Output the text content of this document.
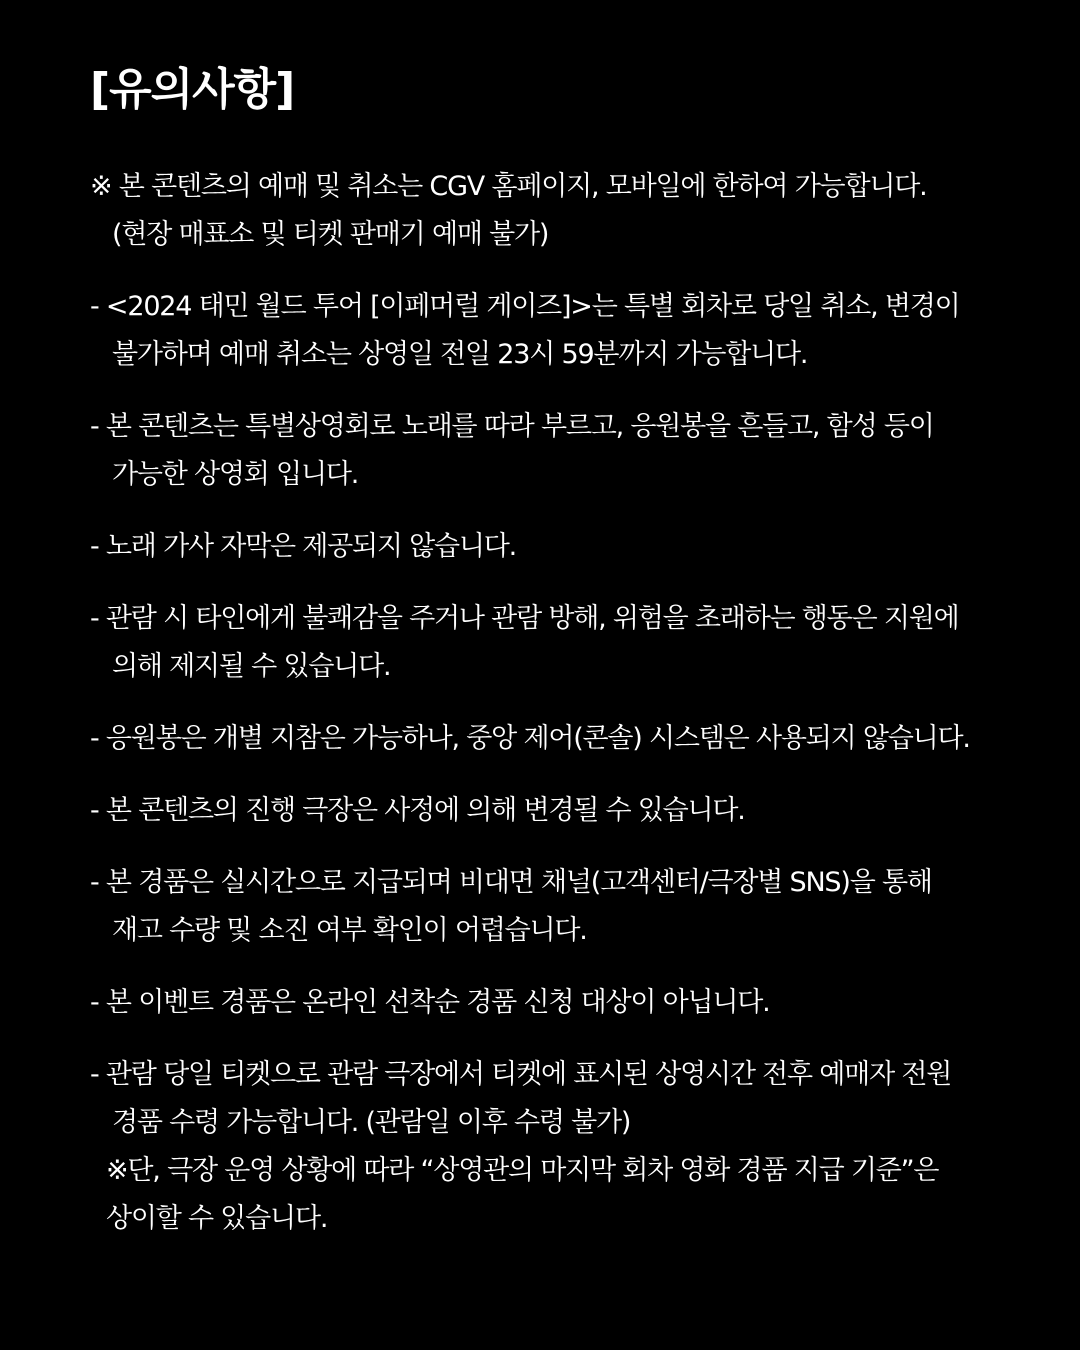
[유의사항]
※ 본 콘텐츠의 예매 및 취소는 CGV 홈페이지, 모바일에 한하여 가능합니다.
(현장 매표소 및 티켓 판매기 예매 불가)
- <2024 태민 월드 투어 [이페머럴 게이즈]>는 특별 회차로 당일 취소, 변경이
불가하며 예매 취소는 상영일 전일 23시 59분까지 가능합니다.
- 본 콘텐츠는 특별상영회로 노래를 따라 부르고, 응원봉을 흔들고, 함성 등이
가능한 상영회 입니다.
- 노래 가사 자막은 제공되지 않습니다.
- 관람 시 타인에게 불쾌감을 주거나 관람 방해, 위험을 초래하는 행동은 지원에
의해 제지될 수 있습니다.
- 응원봉은 개별 지참은 가능하나, 중앙 제어(콘솔) 시스템은 사용되지 않습니다.
- 본 콘텐츠의 진행 극장은 사정에 의해 변경될 수 있습니다.
- 본 경품은 실시간으로 지급되며 비대면 채널(고객센터/극장별 SNS)을 통해
재고 수량 및 소진 여부 확인이 어렵습니다.
- 본 이벤트 경품은 온라인 선착순 경품 신청 대상이 아닙니다.
- 관람 당일 티켓으로 관람 극장에서 티켓에 표시된 상영시간 전후 예매자 전원
경품 수령 가능합니다. (관람일 이후 수령 불가)
※단, 극장 운영 상황에 따라 “상영관의 마지막 회차 영화 경품 지급 기준”은
상이할 수 있습니다.
